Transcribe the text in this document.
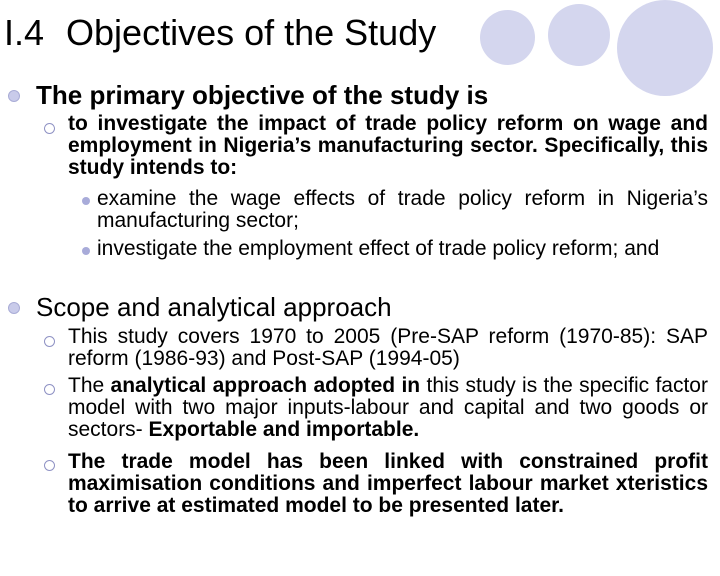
I.4 Objectives of the Study
The primary objective of the study is
to investigate the impact of trade policy reform on wage and employment in Nigeria’s manufacturing sector. Specifically, this study intends to:
examine the wage effects of trade policy reform in Nigeria’s manufacturing sector;
investigate the employment effect of trade policy reform; and
Scope and analytical approach
This study covers 1970 to 2005 (Pre-SAP reform (1970-85): SAP reform (1986-93) and Post-SAP (1994-05)
The analytical approach adopted in this study is the specific factor model with two major inputs-labour and capital and two goods or sectors- Exportable and importable.
The trade model has been linked with constrained profit maximisation conditions and imperfect labour market xteristics to arrive at estimated model to be presented later.
